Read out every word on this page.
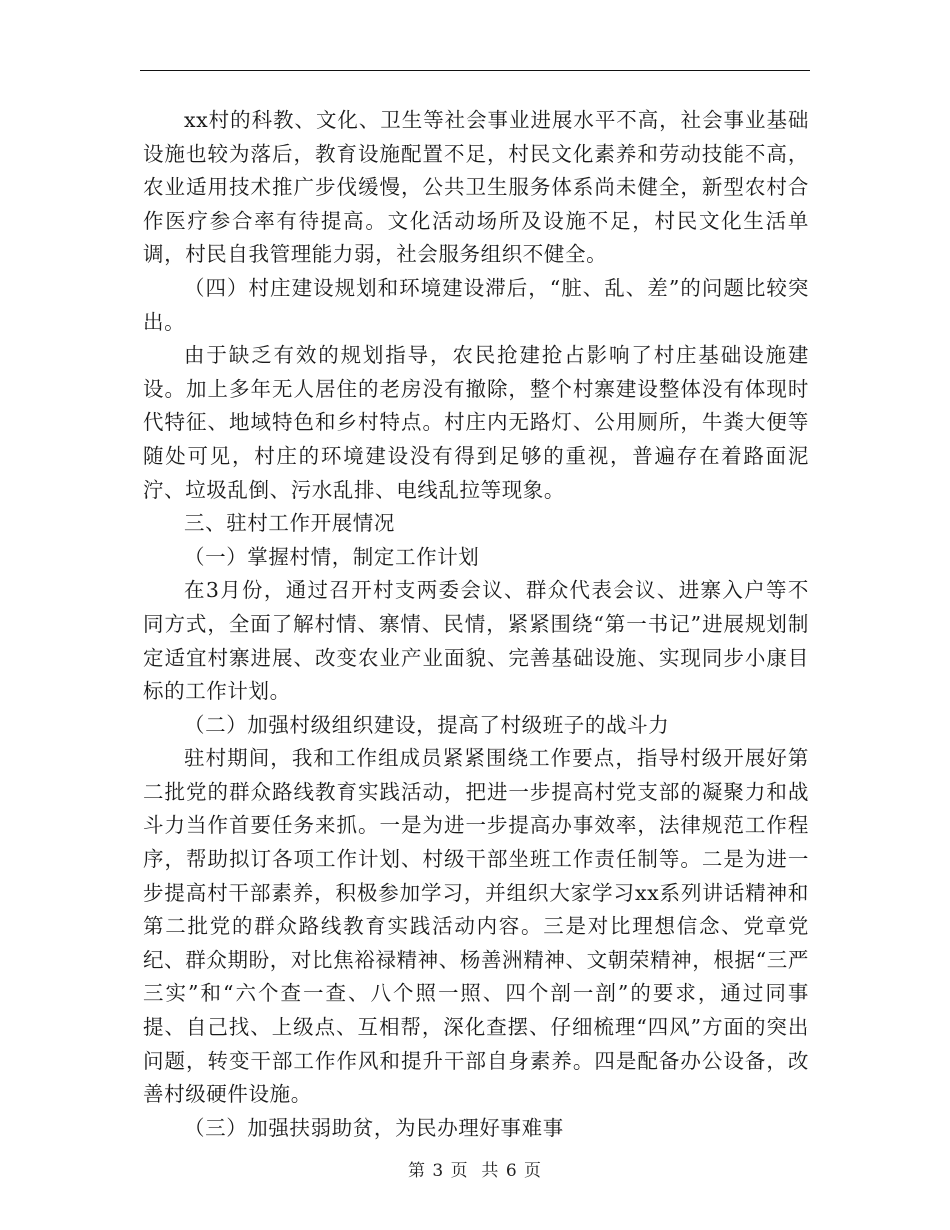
xx村的科教、文化、卫生等社会事业进展水平不高，社会事业基础设施也较为落后，教育设施配置不足，村民文化素养和劳动技能不高，农业适用技术推广步伐缓慢，公共卫生服务体系尚未健全，新型农村合作医疗参合率有待提高。文化活动场所及设施不足，村民文化生活单调，村民自我管理能力弱，社会服务组织不健全。

（四）村庄建设规划和环境建设滞后，“脏、乱、差”的问题比较突出。

由于缺乏有效的规划指导，农民抢建抢占影响了村庄基础设施建设。加上多年无人居住的老房没有撤除，整个村寨建设整体没有体现时代特征、地域特色和乡村特点。村庄内无路灯、公用厕所，牛粪大便等随处可见，村庄的环境建设没有得到足够的重视，普遍存在着路面泥泞、垃圾乱倒、污水乱排、电线乱拉等现象。

三、驻村工作开展情况

（一）掌握村情，制定工作计划

在3月份，通过召开村支两委会议、群众代表会议、进寨入户等不同方式，全面了解村情、寨情、民情，紧紧围绕“第一书记”进展规划制定适宜村寨进展、改变农业产业面貌、完善基础设施、实现同步小康目标的工作计划。

（二）加强村级组织建设，提高了村级班子的战斗力

驻村期间，我和工作组成员紧紧围绕工作要点，指导村级开展好第二批党的群众路线教育实践活动，把进一步提高村党支部的凝聚力和战斗力当作首要任务来抓。一是为进一步提高办事效率，法律规范工作程序，帮助拟订各项工作计划、村级干部坐班工作责任制等。二是为进一步提高村干部素养，积极参加学习，并组织大家学习xx系列讲话精神和第二批党的群众路线教育实践活动内容。三是对比理想信念、党章党纪、群众期盼，对比焦裕禄精神、杨善洲精神、文朝荣精神，根据“三严三实”和“六个查一查、八个照一照、四个剖一剖”的要求，通过同事提、自己找、上级点、互相帮，深化查摆、仔细梳理“四风”方面的突出问题，转变干部工作作风和提升干部自身素养。四是配备办公设备，改善村级硬件设施。

（三）加强扶弱助贫，为民办理好事难事

第 3 页  共 6 页
